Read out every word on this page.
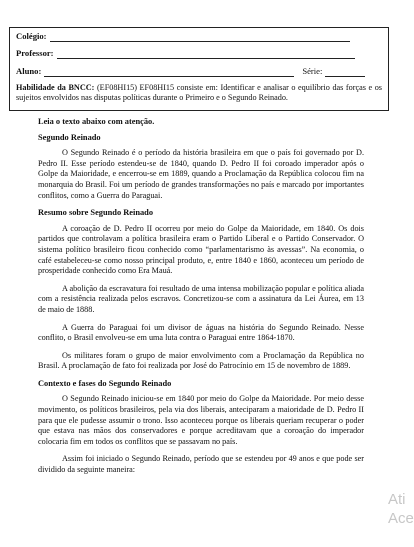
Colégio:
Professor:
Aluno:	Série:
Habilidade da BNCC: (EF08HI15) EF08HI15 consiste em: Identificar e analisar o equilíbrio das forças e os sujeitos envolvidos nas disputas políticas durante o Primeiro e o Segundo Reinado.
Leia o texto abaixo com atenção.
Segundo Reinado

O Segundo Reinado é o período da história brasileira em que o país foi governado por D. Pedro II. Esse período estendeu-se de 1840, quando D. Pedro II foi coroado imperador após o Golpe da Maioridade, e encerrou-se em 1889, quando a Proclamação da República colocou fim na monarquia do Brasil. Foi um período de grandes transformações no país e marcado por importantes conflitos, como a Guerra do Paraguai.

Resumo sobre Segundo Reinado

A coroação de D. Pedro II ocorreu por meio do Golpe da Maioridade, em 1840. Os dois partidos que controlavam a política brasileira eram o Partido Liberal e o Partido Conservador. O sistema político brasileiro ficou conhecido como “parlamentarismo às avessas”. Na economia, o café estabeleceu-se como nosso principal produto, e, entre 1840 e 1860, aconteceu um período de prosperidade conhecido como Era Mauá.

A abolição da escravatura foi resultado de uma intensa mobilização popular e política aliada com a resistência realizada pelos escravos. Concretizou-se com a assinatura da Lei Áurea, em 13 de maio de 1888.

A Guerra do Paraguai foi um divisor de águas na história do Segundo Reinado. Nesse conflito, o Brasil envolveu-se em uma luta contra o Paraguai entre 1864-1870.

Os militares foram o grupo de maior envolvimento com a Proclamação da República no Brasil. A proclamação de fato foi realizada por José do Patrocínio em 15 de novembro de 1889.

Contexto e fases do Segundo Reinado

O Segundo Reinado iniciou-se em 1840 por meio do Golpe da Maioridade. Por meio desse movimento, os políticos brasileiros, pela via dos liberais, anteciparam a maioridade de D. Pedro II para que ele pudesse assumir o trono. Isso aconteceu porque os liberais queriam recuperar o poder que estava nas mãos dos conservadores e porque acreditavam que a coroação do imperador colocaria fim em todos os conflitos que se passavam no país.

Assim foi iniciado o Segundo Reinado, período que se estendeu por 49 anos e que pode ser dividido da seguinte maneira:

Ati
Ace
